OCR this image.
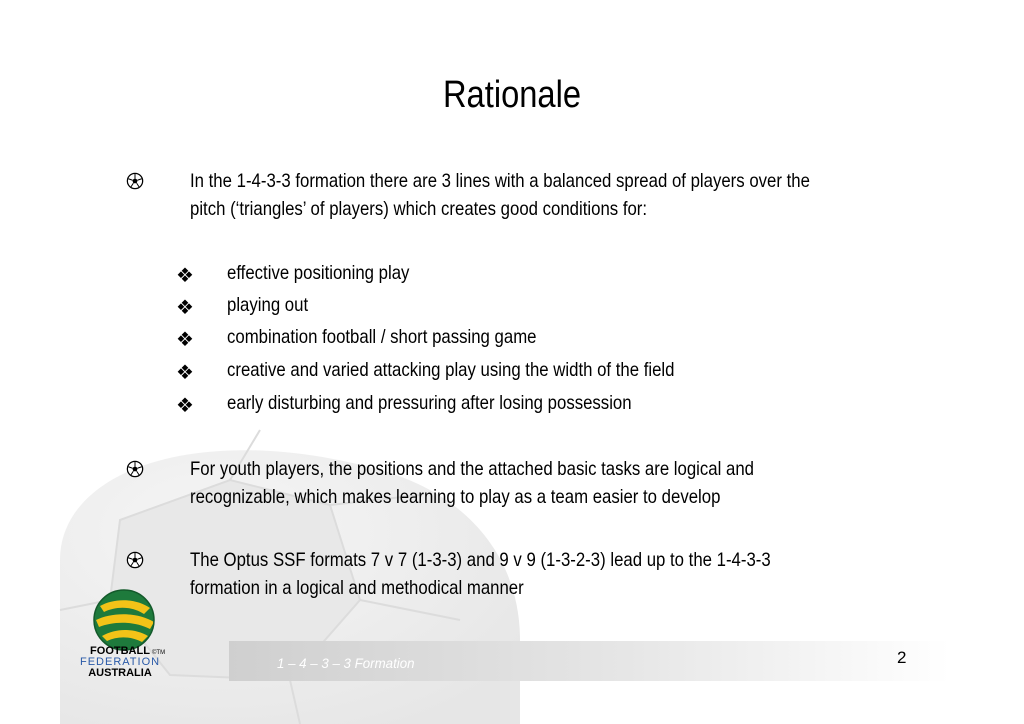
Rationale
In the 1-4-3-3 formation there are 3 lines with a balanced spread of players over the
pitch (‘triangles’ of players) which creates good conditions for:
❖ effective positioning play
❖ playing out
❖ combination football / short passing game
❖ creative and varied attacking play using the width of the field
❖ early disturbing and pressuring after losing possession
For youth players, the positions and the attached basic tasks are logical and
recognizable, which makes learning to play as a team easier to develop
The Optus SSF formats 7 v 7 (1-3-3) and 9 v 9 (1-3-2-3) lead up to the 1-4-3-3
formation in a logical and methodical manner
©TM
FOOTBALL
FEDERATION
AUSTRALIA
1 – 4 – 3 – 3 Formation	2
